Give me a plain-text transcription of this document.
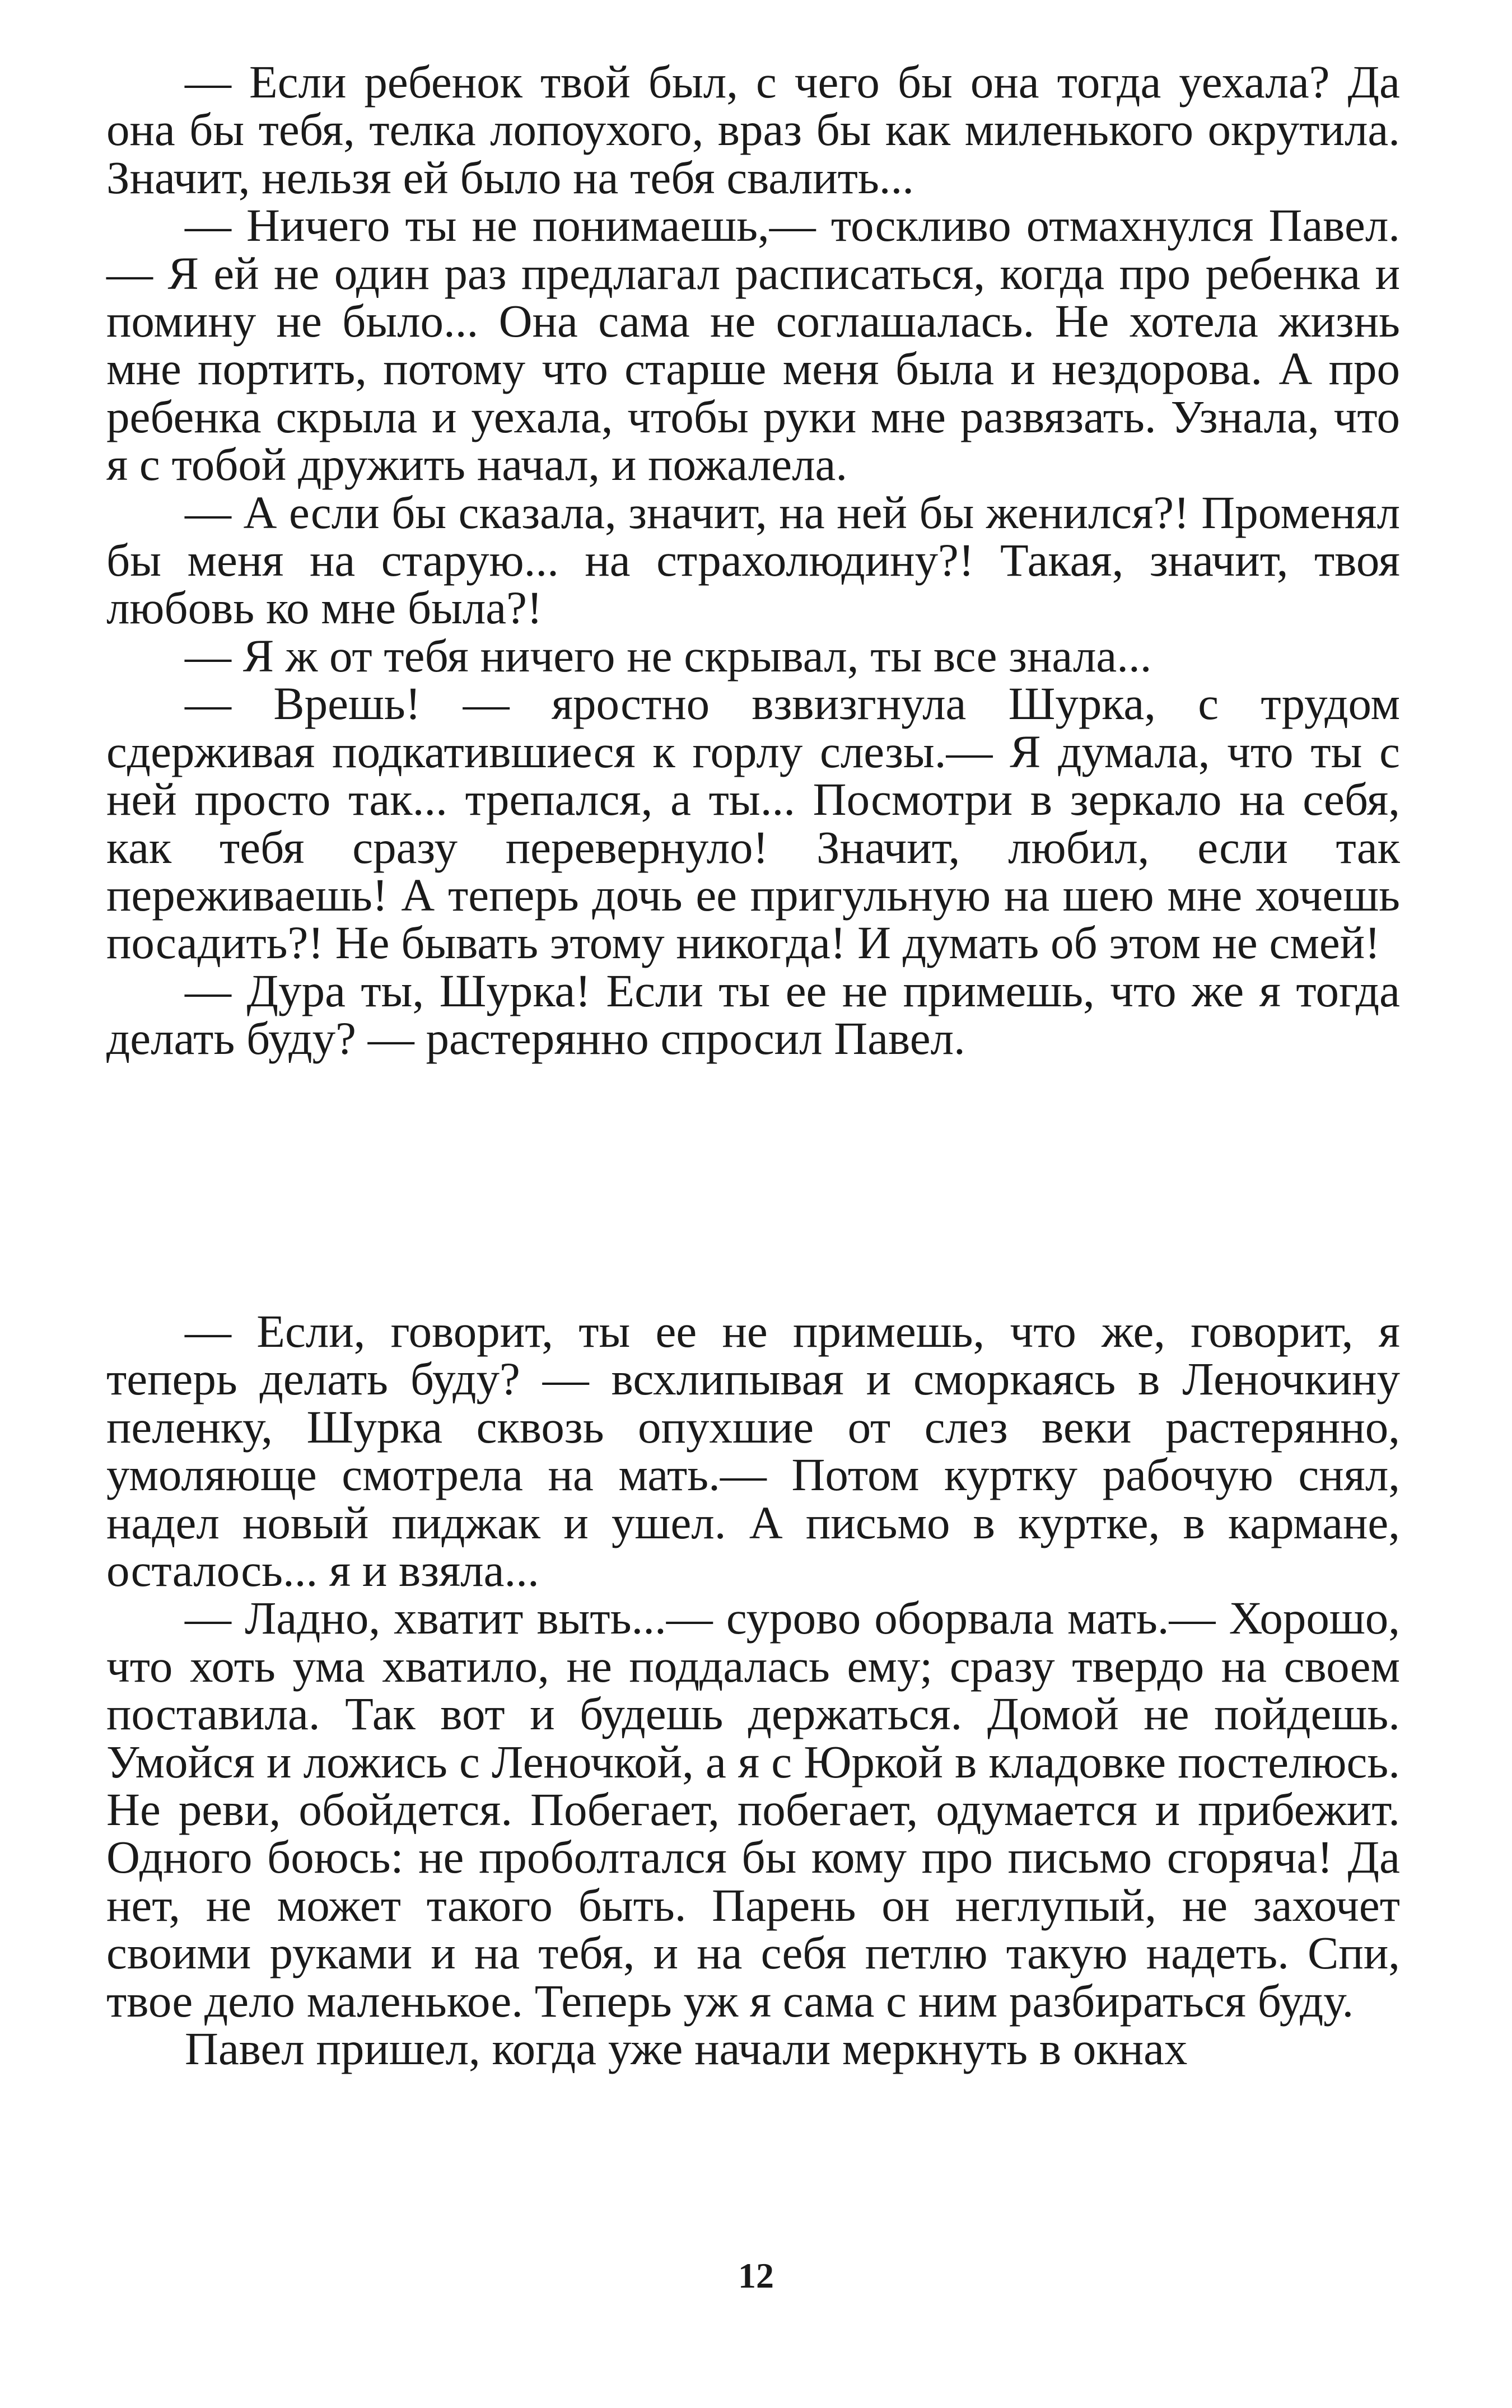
— Если ребенок твой был, с чего бы она тогда уехала? Да она бы тебя, телка лопоухого, враз бы как миленького окрутила. Значит, нельзя ей было на тебя свалить...

— Ничего ты не понимаешь,— тоскливо отмахнулся Павел.— Я ей не один раз предлагал расписаться, когда про ребенка и помину не было... Она сама не соглашалась. Не хотела жизнь мне портить, потому что старше меня была и нездорова. А про ребенка скрыла и уехала, чтобы руки мне развязать. Узнала, что я с тобой дружить начал, и пожалела.

— А если бы сказала, значит, на ней бы женился?! Променял бы меня на старую... на страхолюдину?! Такая, значит, твоя любовь ко мне была?!

— Я ж от тебя ничего не скрывал, ты все знала...

— Врешь! — яростно взвизгнула Шурка, с трудом сдерживая подкатившиеся к горлу слезы.— Я думала, что ты с ней просто так... трепался, а ты... Посмотри в зеркало на себя, как тебя сразу перевернуло! Значит, любил, если так переживаешь! А теперь дочь ее пригульную на шею мне хочешь посадить?! Не бывать этому никогда! И думать об этом не смей!

— Дура ты, Шурка! Если ты ее не примешь, что же я тогда делать буду? — растерянно спросил Павел.

— Если, говорит, ты ее не примешь, что же, говорит, я теперь делать буду? — всхлипывая и сморкаясь в Леночкину пеленку, Шурка сквозь опухшие от слез веки растерянно, умоляюще смотрела на мать.— Потом куртку рабочую снял, надел новый пиджак и ушел. А письмо в куртке, в кармане, осталось... я и взяла...

— Ладно, хватит выть...— сурово оборвала мать.— Хорошо, что хоть ума хватило, не поддалась ему; сразу твердо на своем поставила. Так вот и будешь держаться. Домой не пойдешь. Умойся и ложись с Леночкой, а я с Юркой в кладовке постелюсь. Не реви, обойдется. Побегает, побегает, одумается и прибежит. Одного боюсь: не проболтался бы кому про письмо сгоряча! Да нет, не может такого быть. Парень он неглупый, не захочет своими руками и на тебя, и на себя петлю такую надеть. Спи, твое дело маленькое. Теперь уж я сама с ним разбираться буду.

Павел пришел, когда уже начали меркнуть в окнах

12
